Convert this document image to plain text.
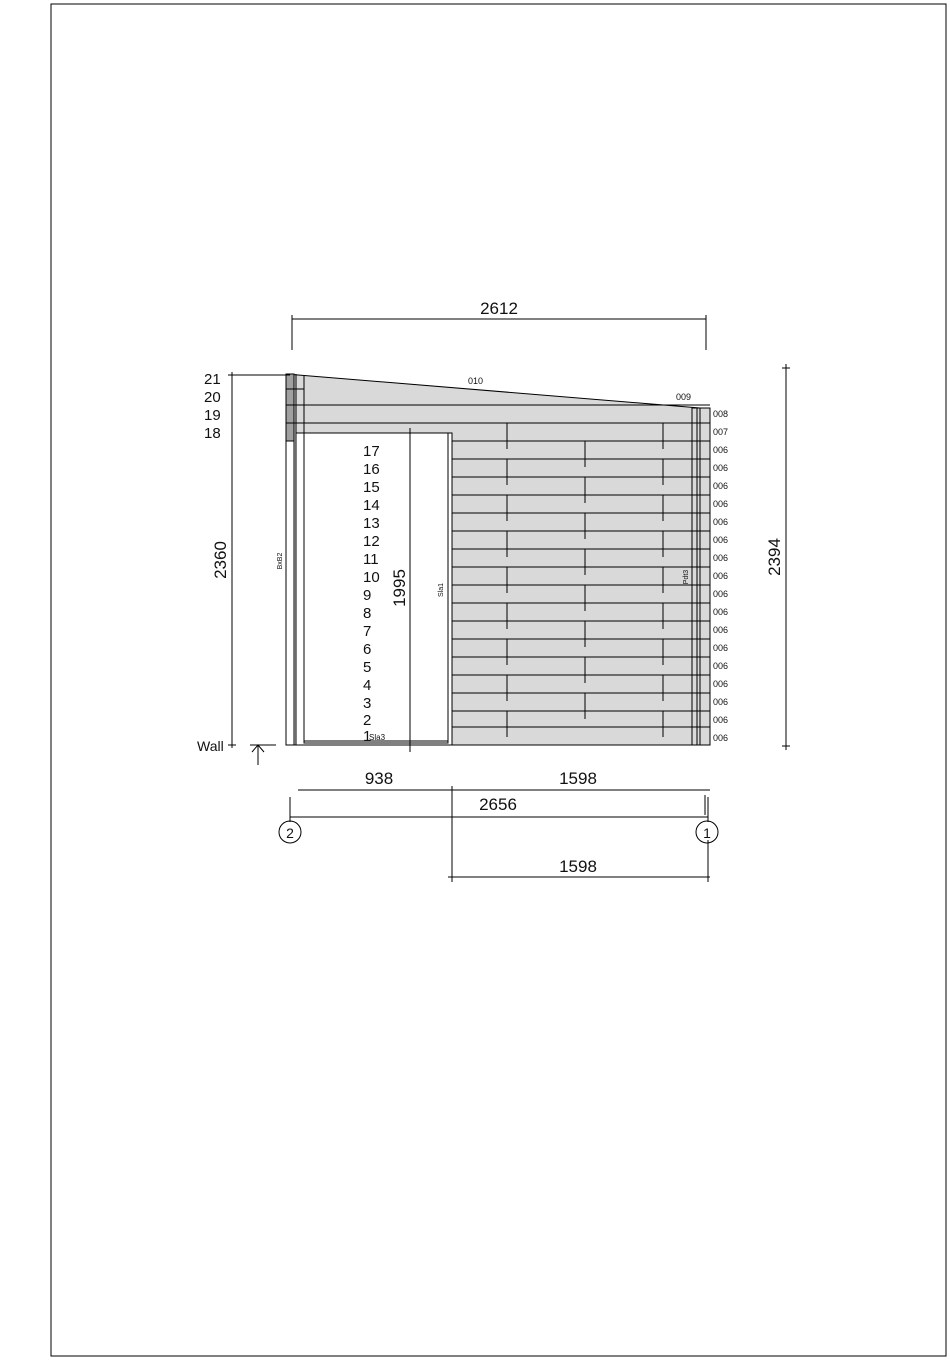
2612
2360	2394
1995
938	1598
2656
1598
Wall
2	1
21
20
19
18
17
16
15
14
13
12
11
10
9
8
7
6
5
4
3
2
1
010
009
008
007
006
006
006
006
006
006
006
006
006
006
006
006
006
006
006
006
006
BxB2
Pdt3
Sla1
Sla3
